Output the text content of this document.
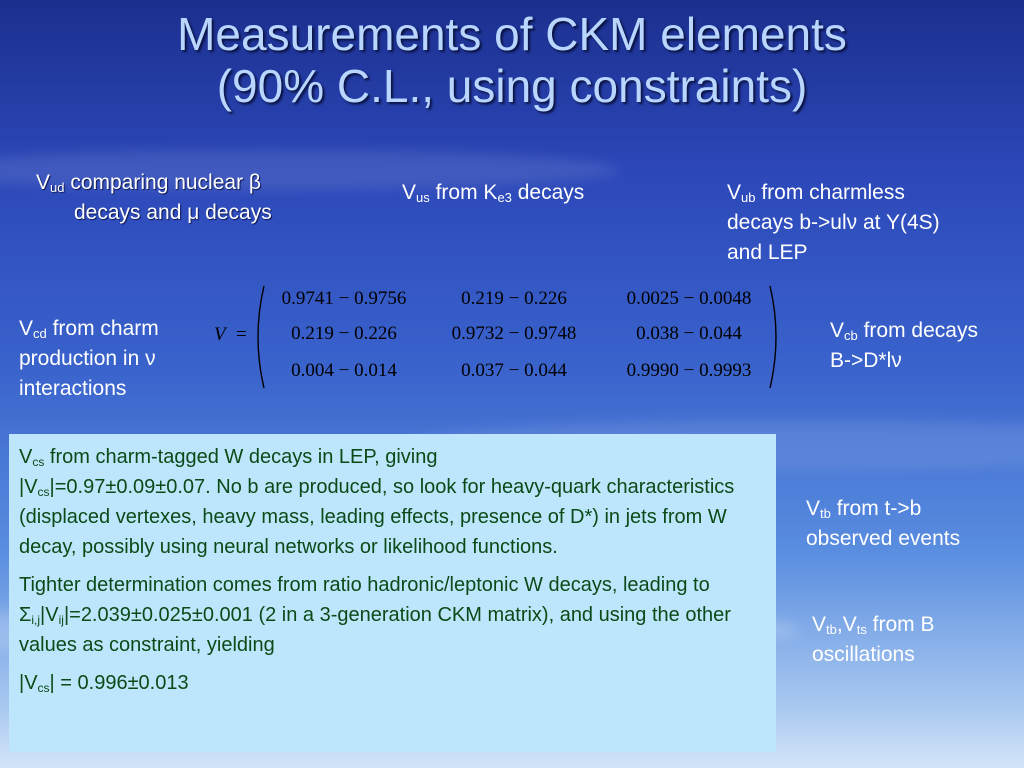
Measurements of CKM elements
(90% C.L., using constraints)
$V_{ud}$ comparing nuclear β
decays and μ decays
$V_{us}$ from $K_{e3}$ decays	$V_{ub}$ from charmless
decays b->ulν at Y(4S)
and LEP
$V_{cd}$ from charm
production in ν
interactions
V =
0.9741 − 0.9756	0.219 − 0.226	0.0025 − 0.0048
0.219 − 0.226	0.9732 − 0.9748	0.038 − 0.044
0.004 − 0.014	0.037 − 0.044	0.9990 − 0.9993
$V_{cb}$ from decays
B->D*lν

$V_{cs}$ from charm-tagged W decays in LEP, giving
$|V_{cs}|=0.97\pm 0.09\pm 0.07$. No b are produced, so look for heavy-quark characteristics (displaced vertexes, heavy mass, leading effects, presence of D*) in jets from W decay, possibly using neural networks or likelihood functions.

Tighter determination comes from ratio hadronic/leptonic W decays, leading to $\Sigma_{i,j}|V_{ij}|=2.039\pm 0.025\pm 0.001$ (2 in a 3-generation CKM matrix), and using the other values as constraint, yielding

$|V_{cs}| = 0.996\pm 0.013$

$V_{tb}$ from t->b
observed events
$V_{tb},V_{ts}$ from B
oscillations
